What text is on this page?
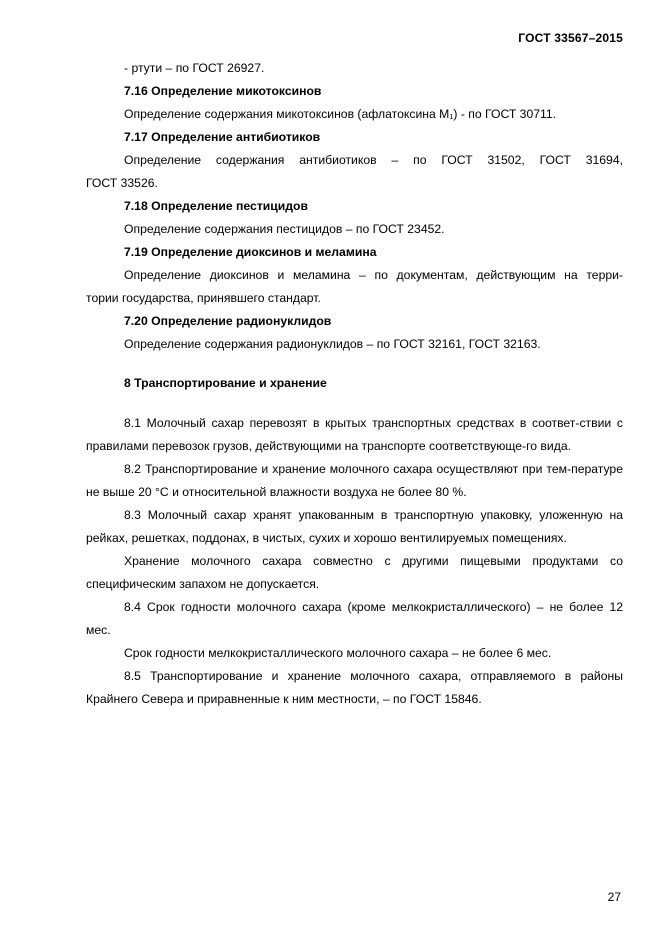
ГОСТ 33567–2015
- ртути – по ГОСТ 26927.
7.16 Определение микотоксинов
Определение содержания микотоксинов (афлатоксина M₁) - по ГОСТ 30711.
7.17 Определение антибиотиков
Определение содержания антибиотиков – по ГОСТ 31502, ГОСТ 31694,
ГОСТ 33526.
7.18 Определение пестицидов
Определение содержания пестицидов – по ГОСТ 23452.
7.19 Определение диоксинов и меламина
Определение диоксинов и меламина – по документам, действующим на терри-
тории государства, принявшего стандарт.
7.20 Определение радионуклидов
Определение содержания радионуклидов – по ГОСТ 32161, ГОСТ 32163.
8 Транспортирование и хранение

8.1 Молочный сахар перевозят в крытых транспортных средствах в соответ-ствии с правилами перевозок грузов, действующими на транспорте соответствующе-го вида.

8.2 Транспортирование и хранение молочного сахара осуществляют при тем-пературе не выше 20 °С и относительной влажности воздуха не более 80 %.

8.3 Молочный сахар хранят упакованным в транспортную упаковку, уложенную на рейках, решетках, поддонах, в чистых, сухих и хорошо вентилируемых помещениях.

Хранение молочного сахара совместно с другими пищевыми продуктами со специфическим запахом не допускается.

8.4 Срок годности молочного сахара (кроме мелкокристаллического) – не более 12 мес.

Срок годности мелкокристаллического молочного сахара – не более 6 мес.

8.5 Транспортирование и хранение молочного сахара, отправляемого в районы Крайнего Севера и приравненные к ним местности, – по ГОСТ 15846.

27
